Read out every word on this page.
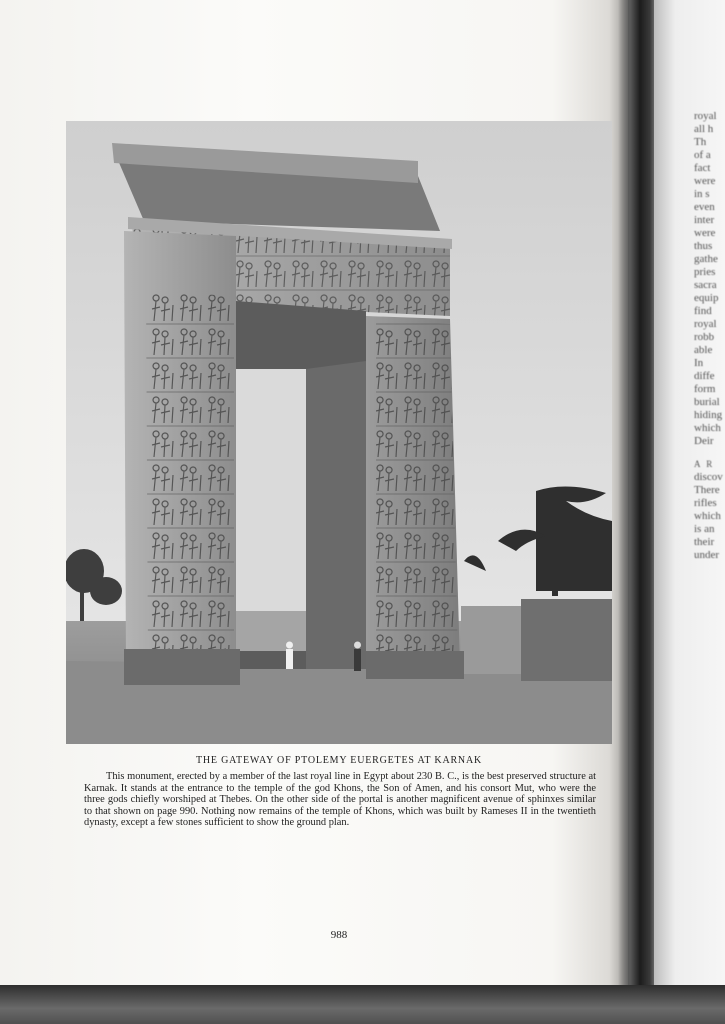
THE GATEWAY OF PTOLEMY EUERGETES AT KARNAK

This monument, erected by a member of the last royal line in Egypt about 230 B. C., is the best preserved structure at Karnak. It stands at the entrance to the temple of the god Khons, the Son of Amen, and his consort Mut, who were the three gods chiefly worshiped at Thebes. On the other side of the portal is another magnificent avenue of sphinxes similar to that shown on page 990. Nothing now remains of the temple of Khons, which was built by Rameses II in the twentieth dynasty, except a few stones sufficient to show the ground plan.

988
royal
all h
Th
of a
fact
were
in s
even
inter
were
thus
gathe
pries
sacra
equip
find
royal
robb
able
In
diffe
form
burial
hiding
which
Deir
A R
discov
There
rifles
which
is an
their
under
